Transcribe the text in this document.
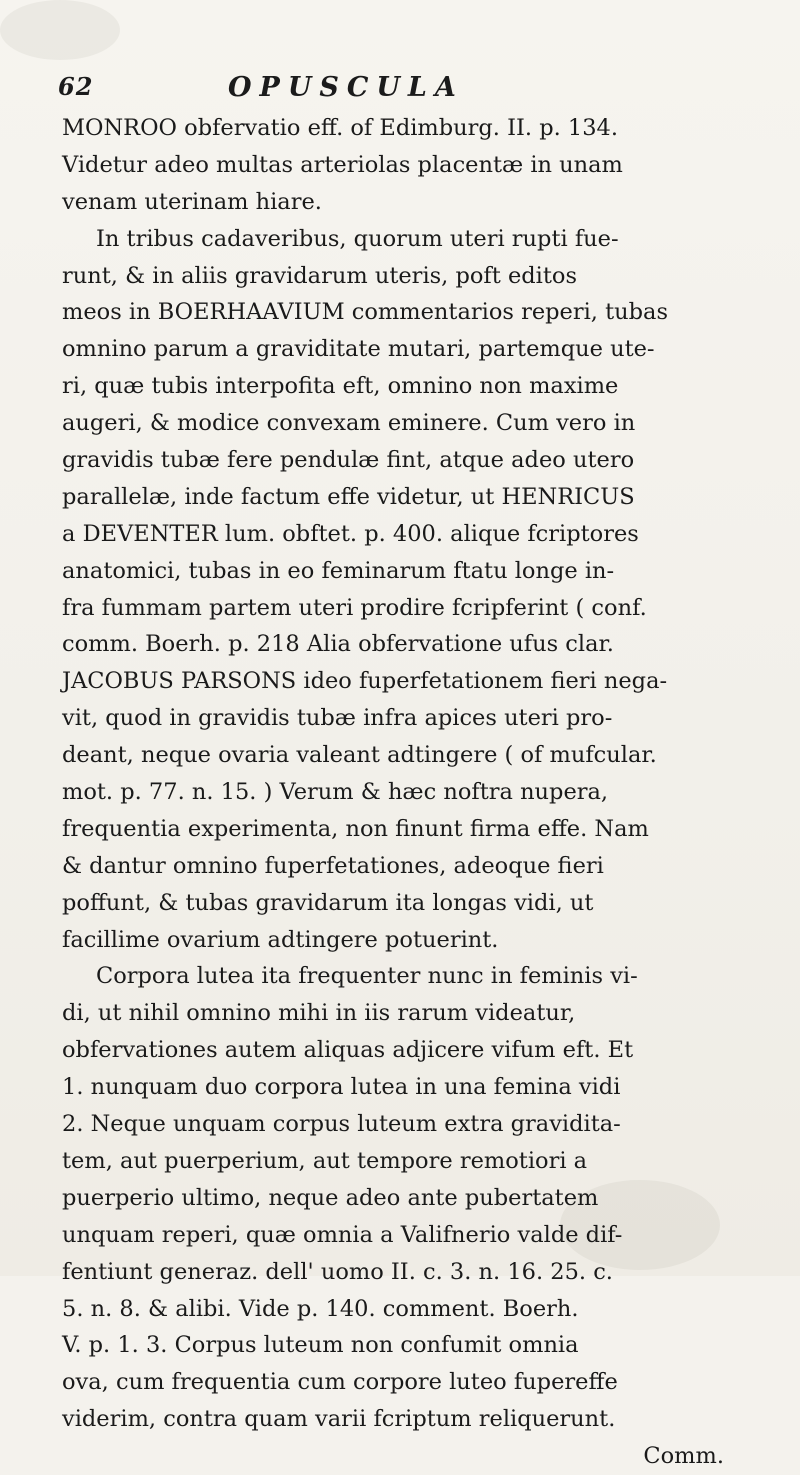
62	OPUSCULA
MONROO obfervatio eff. of Edimburg. II. p. 134.
Videtur adeo multas arteriolas placentæ in unam
venam uterinam hiare.
In tribus cadaveribus, quorum uteri rupti fue-
runt, & in aliis gravidarum uteris, poft editos
meos in BOERHAAVIUM commentarios reperi, tubas
omnino parum a graviditate mutari, partemque ute-
ri, quæ tubis interpofita eft, omnino non maxime
augeri, & modice convexam eminere. Cum vero in
gravidis tubæ fere pendulæ fint, atque adeo utero
parallelæ, inde factum effe videtur, ut HENRICUS
a DEVENTER lum. obftet. p. 400. alique fcriptores
anatomici, tubas in eo feminarum ftatu longe in-
fra fummam partem uteri prodire fcripferint ( conf.
comm. Boerh. p. 218 Alia obfervatione ufus clar.
JACOBUS PARSONS ideo fuperfetationem fieri nega-
vit, quod in gravidis tubæ infra apices uteri pro-
deant, neque ovaria valeant adtingere ( of mufcular.
mot. p. 77. n. 15. ) Verum & hæc noftra nupera,
frequentia experimenta, non finunt firma effe. Nam
& dantur omnino fuperfetationes, adeoque fieri
poffunt, & tubas gravidarum ita longas vidi, ut
facillime ovarium adtingere potuerint.
Corpora lutea ita frequenter nunc in feminis vi-
di, ut nihil omnino mihi in iis rarum videatur,
obfervationes autem aliquas adjicere vifum eft. Et
1. nunquam duo corpora lutea in una femina vidi
2. Neque unquam corpus luteum extra gravidita-
tem, aut puerperium, aut tempore remotiori a
puerperio ultimo, neque adeo ante pubertatem
unquam reperi, quæ omnia a Valifnerio valde dif-
fentiunt generaz. dell' uomo II. c. 3. n. 16. 25. c.
5. n. 8. & alibi. Vide p. 140. comment. Boerh.
V. p. 1. 3. Corpus luteum non confumit omnia
ova, cum frequentia cum corpore luteo fupereffe
viderim, contra quam varii fcriptum reliquerunt.
Comm.
